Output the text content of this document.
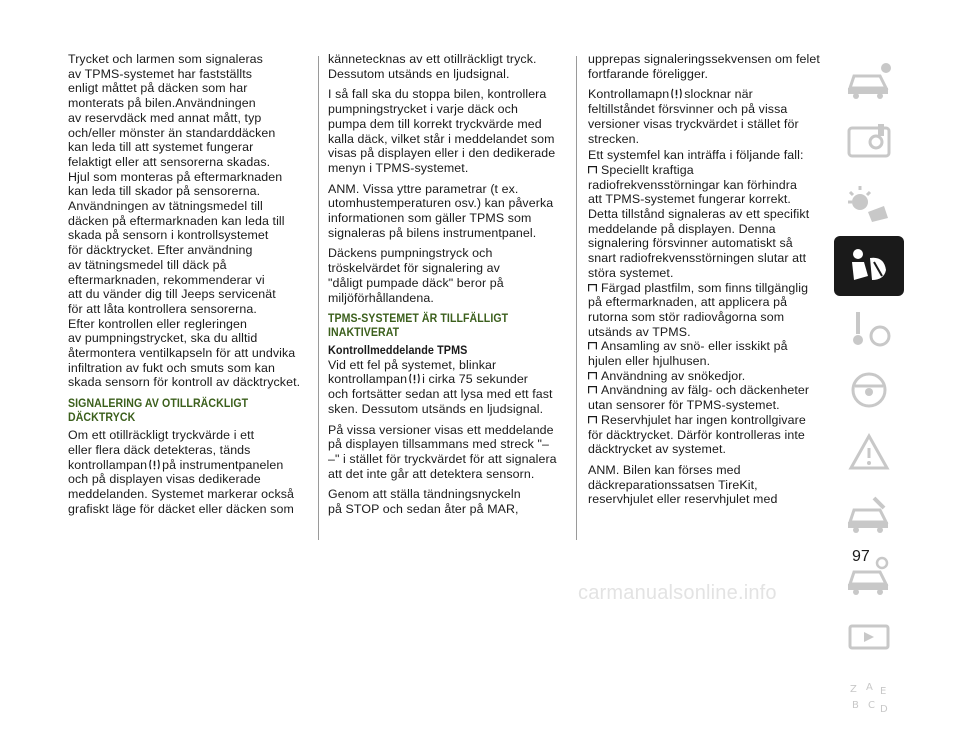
Trycket och larmen som signaleras
av TPMS-systemet har fastställts
enligt måttet på däcken som har
monterats på bilen.Användningen
av reservdäck med annat mått, typ
och/eller mönster än standarddäcken
kan leda till att systemet fungerar
felaktigt eller att sensorerna skadas.
Hjul som monteras på eftermarknaden
kan leda till skador på sensorerna.
Användningen av tätningsmedel till
däcken på eftermarknaden kan leda till
skada på sensorn i kontrollsystemet
för däcktrycket. Efter användning
av tätningsmedel till däck på
eftermarknaden, rekommenderar vi
att du vänder dig till Jeeps servicenät
för att låta kontrollera sensorerna.
Efter kontrollen eller regleringen
av pumpningstrycket, ska du alltid
återmontera ventilkapseln för att undvika
infiltration av fukt och smuts som kan
skada sensorn för kontroll av däcktrycket.

SIGNALERING AV OTILLRÄCKLIGT
DÄCKTRYCK

Om ett otillräckligt tryckvärde i ett
eller flera däck detekteras, tänds
kontrollampan på instrumentpanelen
och på displayen visas dedikerade
meddelanden. Systemet markerar också
grafiskt läge för däcket eller däcken som

kännetecknas av ett otillräckligt tryck.
Dessutom utsänds en ljudsignal.

I så fall ska du stoppa bilen, kontrollera
pumpningstrycket i varje däck och
pumpa dem till korrekt tryckvärde med
kalla däck, vilket står i meddelandet som
visas på displayen eller i den dedikerade
menyn i TPMS-systemet.

ANM. Vissa yttre parametrar (t ex.
utomhustemperaturen osv.) kan påverka
informationen som gäller TPMS som
signaleras på bilens instrumentpanel.

Däckens pumpningstryck och
tröskelvärdet för signalering av
"dåligt pumpade däck" beror på
miljöförhållandena.

TPMS-SYSTEMET ÄR TILLFÄLLIGT
INAKTIVERAT

Kontrollmeddelande TPMS

Vid ett fel på systemet, blinkar
kontrollampan i cirka 75 sekunder
och fortsätter sedan att lysa med ett fast
sken. Dessutom utsänds en ljudsignal.

På vissa versioner visas ett meddelande
på displayen tillsammans med streck "–
–" i stället för tryckvärdet för att signalera
att det inte går att detektera sensorn.

Genom att ställa tändningsnyckeln
på STOP och sedan åter på MAR,

upprepas signaleringssekvensen om felet
fortfarande föreligger.

Kontrollamapn slocknar när
feltillståndet försvinner och på vissa
versioner visas tryckvärdet i stället för
strecken.

Ett systemfel kan inträffa i följande fall:

Speciellt kraftiga
radiofrekvensstörningar kan förhindra
att TPMS-systemet fungerar korrekt.
Detta tillstånd signaleras av ett specifikt
meddelande på displayen. Denna
signalering försvinner automatiskt så
snart radiofrekvensstörningen slutar att
störa systemet.

Färgad plastfilm, som finns tillgänglig
på eftermarknaden, att applicera på
rutorna som stör radiovågorna som
utsänds av TPMS.

Ansamling av snö- eller isskikt på
hjulen eller hjulhusen.

Användning av snökedjor.

Användning av fälg- och däckenheter
utan sensorer för TPMS-systemet.

Reservhjulet har ingen kontrollgivare
för däcktrycket. Därför kontrolleras inte
däcktrycket av systemet.

ANM. Bilen kan förses med
däckreparationssatsen TireKit,
reservhjulet eller reservhjulet med

Z A E
B C D
97
carmanualsonline.info
